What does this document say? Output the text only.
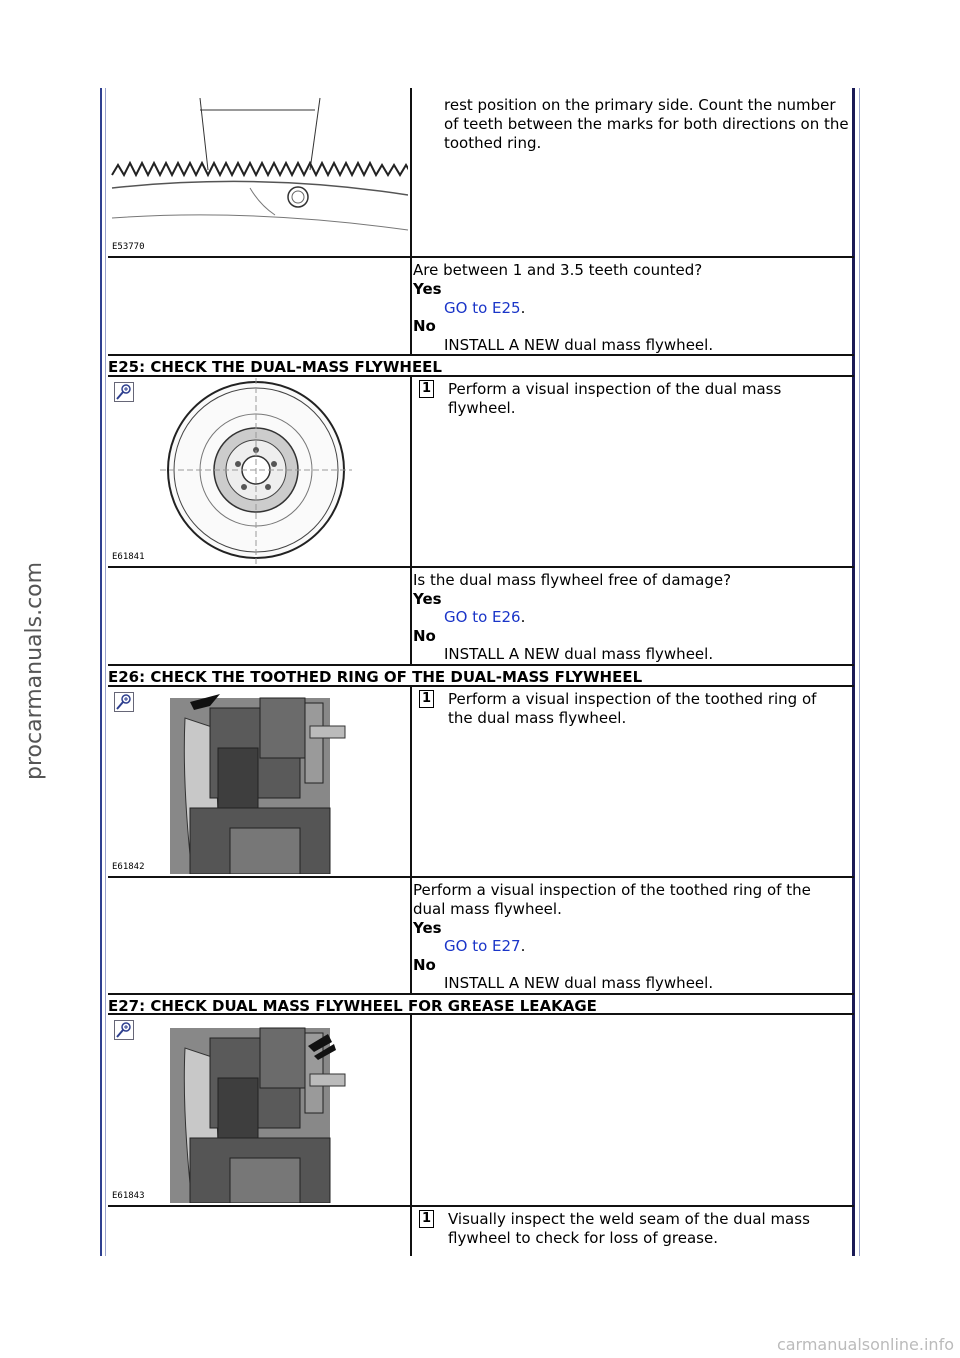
procarmanuals.com
carmanualsonline.info
E53770
rest position on the primary side. Count the number of teeth between the marks for both directions on the toothed ring.
Are between 1 and 3.5 teeth counted?
Yes
GO to E25.
No
INSTALL A NEW dual mass flywheel.
E25: CHECK THE DUAL-MASS FLYWHEEL
E61841
1 Perform a visual inspection of the dual mass flywheel.
Is the dual mass flywheel free of damage?
Yes
GO to E26.
No
INSTALL A NEW dual mass flywheel.
E26: CHECK THE TOOTHED RING OF THE DUAL-MASS FLYWHEEL
E61842
1 Perform a visual inspection of the toothed ring of the dual mass flywheel.
Perform a visual inspection of the toothed ring of the dual mass flywheel.
Yes
GO to E27.
No
INSTALL A NEW dual mass flywheel.
E27: CHECK DUAL MASS FLYWHEEL FOR GREASE LEAKAGE
E61843
1 Visually inspect the weld seam of the dual mass flywheel to check for loss of grease.
